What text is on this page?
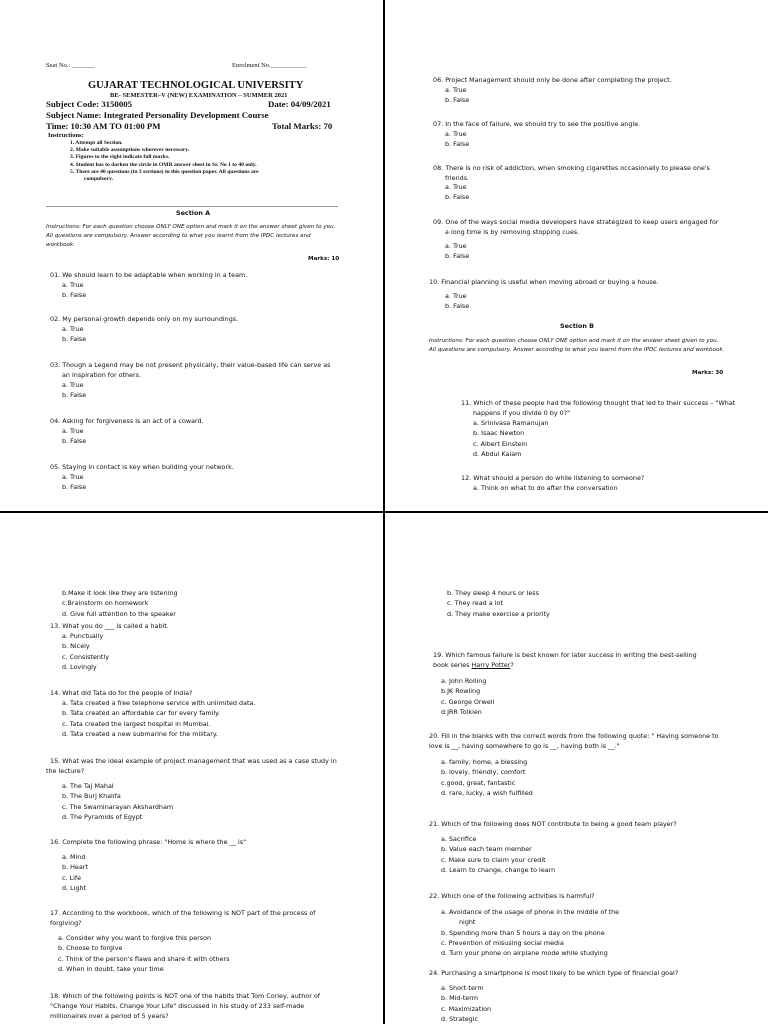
Seat No.: _______	Enrolment No.___________
GUJARAT TECHNOLOGICAL UNIVERSITY
BE- SEMESTER–V (NEW) EXAMINATION – SUMMER 2021
Subject Code: 3150005	Date: 04/09/2021
Subject Name: Integrated Personality Development Course
Time: 10:30 AM TO 01:00 PM	Total Marks: 70
Instructions:
1. Attempt all Section.
2. Make suitable assumptions wherever necessary.
3. Figures to the right indicate full marks.
4. Student has to darken the circle in OMR answer sheet in Sr. No 1 to 40 only.
5. There are 40 questions (in 3 sections) in this question paper. All questions are
compulsory.
Section A
Instructions: For each question choose ONLY ONE option and mark it on the answer sheet given to you. All questions are compulsory. Answer according to what you learnt from the IPDC lectures and workbook.
Marks: 10
01. We should learn to be adaptable when working in a team.
a. True
b. False
02. My personal growth depends only on my surroundings.
a. True
b. False
03. Though a Legend may be not present physically, their value-based life can serve as
an inspiration for others.
a. True
b. False
04. Asking for forgiveness is an act of a coward.
a. True
b. False
05. Staying in contact is key when building your network.
a. True
b. False
06. Project Management should only be done after completing the project.
a. True
b. False
07. In the face of failure, we should try to see the positive angle.
a. True
b. False
08. There is no risk of addiction, when smoking cigarettes occasionally to please one's
friends.
a. True
b. False
09. One of the ways social media developers have strategized to keep users engaged for
a long time is by removing stopping cues.
a. True
b. False
10. Financial planning is useful when moving abroad or buying a house.
a. True
b. False
Section B
Instructions: For each question choose ONLY ONE option and mark it on the answer sheet given to you. All questions are compulsory. Answer according to what you learnt from the IPDC lectures and workbook.
Marks: 30
11. Which of these people had the following thought that led to their success – "What
happens if you divide 0 by 0?"
a. Srinivasa Ramanujan
b. Isaac Newton
c. Albert Einstein
d. Abdul Kalam
12. What should a person do while listening to someone?
a. Think on what to do after the conversation
b.Make it look like they are listening
c.Brainstorm on homework
d. Give full attention to the speaker
13. What you do ___ is called a habit.
a. Punctually
b. Nicely
c. Consistently
d. Lovingly
14. What did Tata do for the people of India?
a. Tata created a free telephone service with unlimited data.
b. Tata created an affordable car for every family.
c. Tata created the largest hospital in Mumbai.
d. Tata created a new submarine for the military.
15. What was the ideal example of project management that was used as a case study in
the lecture?
a. The Taj Mahal
b. The Burj Khalifa
c. The Swaminarayan Akshardham
d. The Pyramids of Egypt
16. Complete the following phrase: "Home is where the __ is"
a. Mind
b. Heart
c. Life
d. Light
17. According to the workbook, which of the following is NOT part of the process of
forgiving?
a. Consider why you want to forgive this person
b. Choose to forgive
c. Think of the person's flaws and share it with others
d. When in doubt, take your time
18. Which of the following points is NOT one of the habits that Tom Corley, author of
"Change Your Habits, Change Your Life" discussed in his study of 233 self-made
millionaires over a period of 5 years?
b. They sleep 4 hours or less
c. They read a lot
d. They make exercise a priority
19. Which famous failure is best known for later success in writing the best-selling
book series Harry Potter?
a. John Rolling
b.JK Rowling
c. George Orwell
d.JRR Tolkien
20. Fill in the blanks with the correct words from the following quote: " Having someone to
love is __, having somewhere to go is __, having both is __."
a. family, home, a blessing
b. lovely, friendly, comfort
c.good, great, fantastic
d. rare, lucky, a wish fulfilled
21. Which of the following does NOT contribute to being a good team player?
a. Sacrifice
b. Value each team member
c. Make sure to claim your credit
d. Learn to change, change to learn
22. Which one of the following activities is harmful?
a. Avoidance of the usage of phone in the middle of the
night
b. Spending more than 5 hours a day on the phone
c. Prevention of misusing social media
d. Turn your phone on airplane mode while studying
24. Purchasing a smartphone is most likely to be which type of financial goal?
a. Short-term
b. Mid-term
c. Maximization
d. Strategic
